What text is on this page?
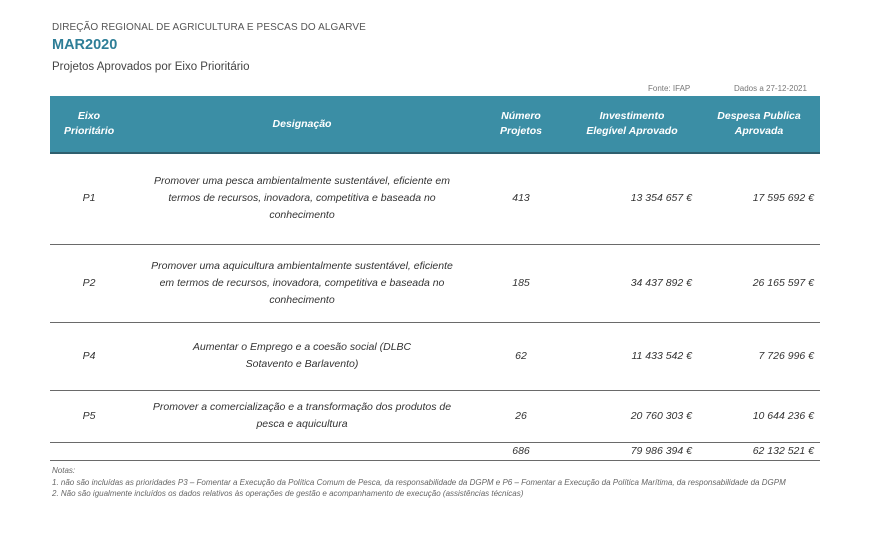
DIREÇÃO REGIONAL DE AGRICULTURA E PESCAS DO ALGARVE
MAR2020
Projetos Aprovados por Eixo Prioritário
Fonte: IFAP	Dados a 27-12-2021
Eixo Prioritário	Designação	Número Projetos	Investimento Elegível Aprovado	Despesa Publica Aprovada
P1	Promover uma pesca ambientalmente sustentável, eficiente em termos de recursos, inovadora, competitiva e baseada no conhecimento	413	13 354 657 €	17 595 692 €
P2	Promover uma aquicultura ambientalmente sustentável, eficiente em termos de recursos, inovadora, competitiva e baseada no conhecimento	185	34 437 892 €	26 165 597 €
P4	Aumentar o Emprego e a coesão social (DLBC Sotavento e Barlavento)	62	11 433 542 €	7 726 996 €
P5	Promover a comercialização e a transformação dos produtos de pesca e aquicultura	26	20 760 303 €	10 644 236 €
		686	79 986 394 €	62 132 521 €
Notas:
1. não são incluídas as prioridades P3 – Fomentar a Execução da Política Comum de Pesca, da responsabilidade da DGPM e P6 – Fomentar a Execução da Política Marítima, da responsabilidade da DGPM
2. Não são igualmente incluídos os dados relativos às operações de gestão e acompanhamento de execução (assistências técnicas)
